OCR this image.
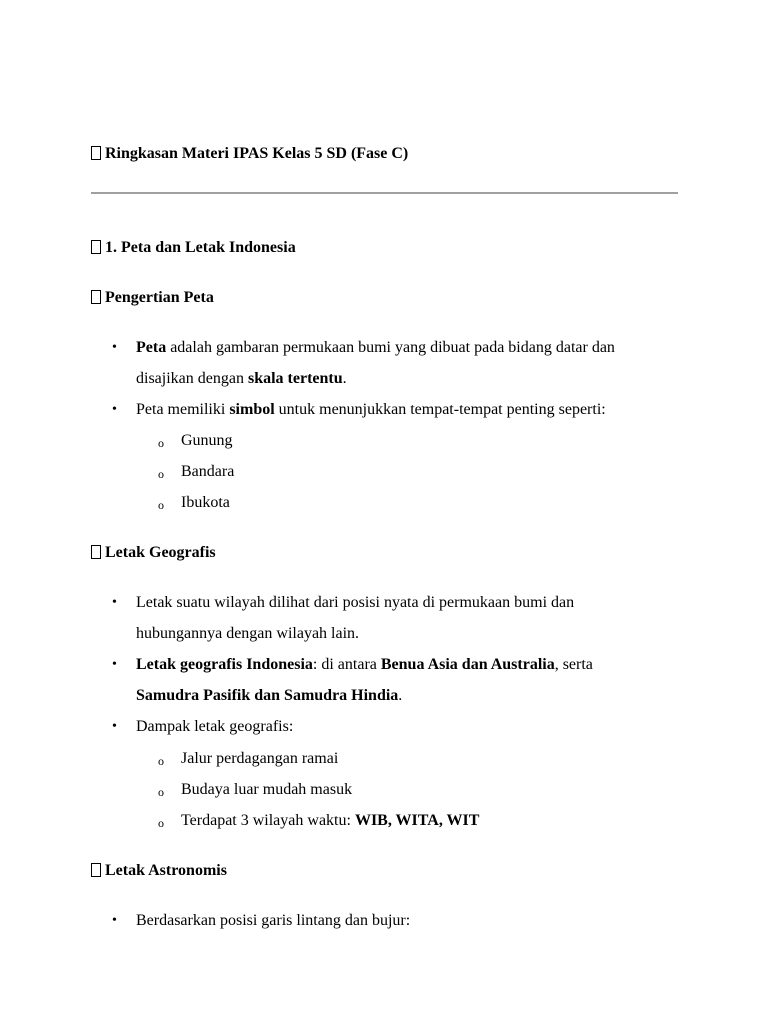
Ringkasan Materi IPAS Kelas 5 SD (Fase C)
1. Peta dan Letak Indonesia
Pengertian Peta
• Peta adalah gambaran permukaan bumi yang dibuat pada bidang datar dan
disajikan dengan skala tertentu.
• Peta memiliki simbol untuk menunjukkan tempat-tempat penting seperti:
o Gunung
o Bandara
o Ibukota
Letak Geografis
• Letak suatu wilayah dilihat dari posisi nyata di permukaan bumi dan
hubungannya dengan wilayah lain.
• Letak geografis Indonesia: di antara Benua Asia dan Australia, serta
Samudra Pasifik dan Samudra Hindia.
• Dampak letak geografis:
o Jalur perdagangan ramai
o Budaya luar mudah masuk
o Terdapat 3 wilayah waktu: WIB, WITA, WIT
Letak Astronomis
• Berdasarkan posisi garis lintang dan bujur:
